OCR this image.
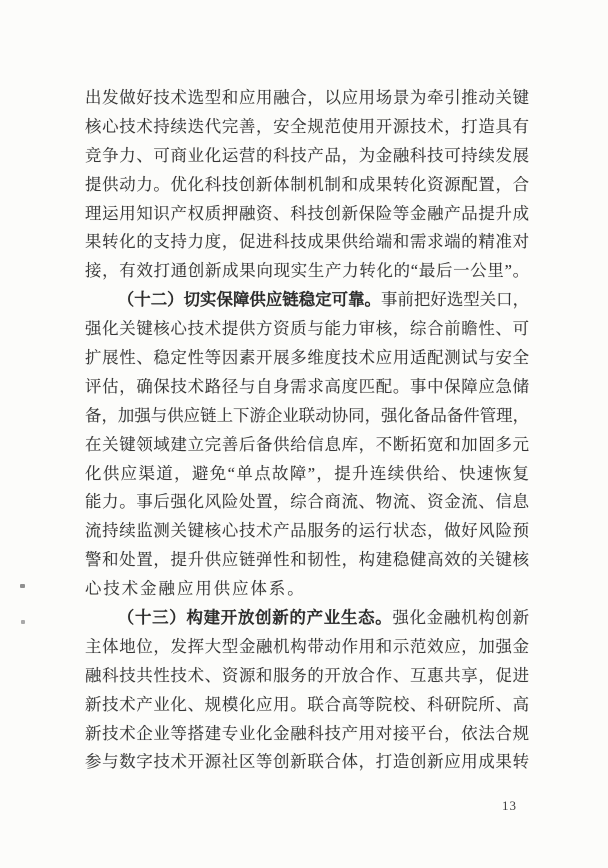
出发做好技术选型和应用融合，以应用场景为牵引推动关键
核心技术持续迭代完善，安全规范使用开源技术，打造具有
竞争力、可商业化运营的科技产品，为金融科技可持续发展
提供动力。优化科技创新体制机制和成果转化资源配置，合
理运用知识产权质押融资、科技创新保险等金融产品提升成
果转化的支持力度，促进科技成果供给端和需求端的精准对
接，有效打通创新成果向现实生产力转化的“最后一公里”。
（十二）切实保障供应链稳定可靠。事前把好选型关口，
强化关键核心技术提供方资质与能力审核，综合前瞻性、可
扩展性、稳定性等因素开展多维度技术应用适配测试与安全
评估，确保技术路径与自身需求高度匹配。事中保障应急储
备，加强与供应链上下游企业联动协同，强化备品备件管理，
在关键领域建立完善后备供给信息库，不断拓宽和加固多元
化供应渠道，避免“单点故障”，提升连续供给、快速恢复
能力。事后强化风险处置，综合商流、物流、资金流、信息
流持续监测关键核心技术产品服务的运行状态，做好风险预
警和处置，提升供应链弹性和韧性，构建稳健高效的关键核
心技术金融应用供应体系。
（十三）构建开放创新的产业生态。强化金融机构创新
主体地位，发挥大型金融机构带动作用和示范效应，加强金
融科技共性技术、资源和服务的开放合作、互惠共享，促进
新技术产业化、规模化应用。联合高等院校、科研院所、高
新技术企业等搭建专业化金融科技产用对接平台，依法合规
参与数字技术开源社区等创新联合体，打造创新应用成果转
13
